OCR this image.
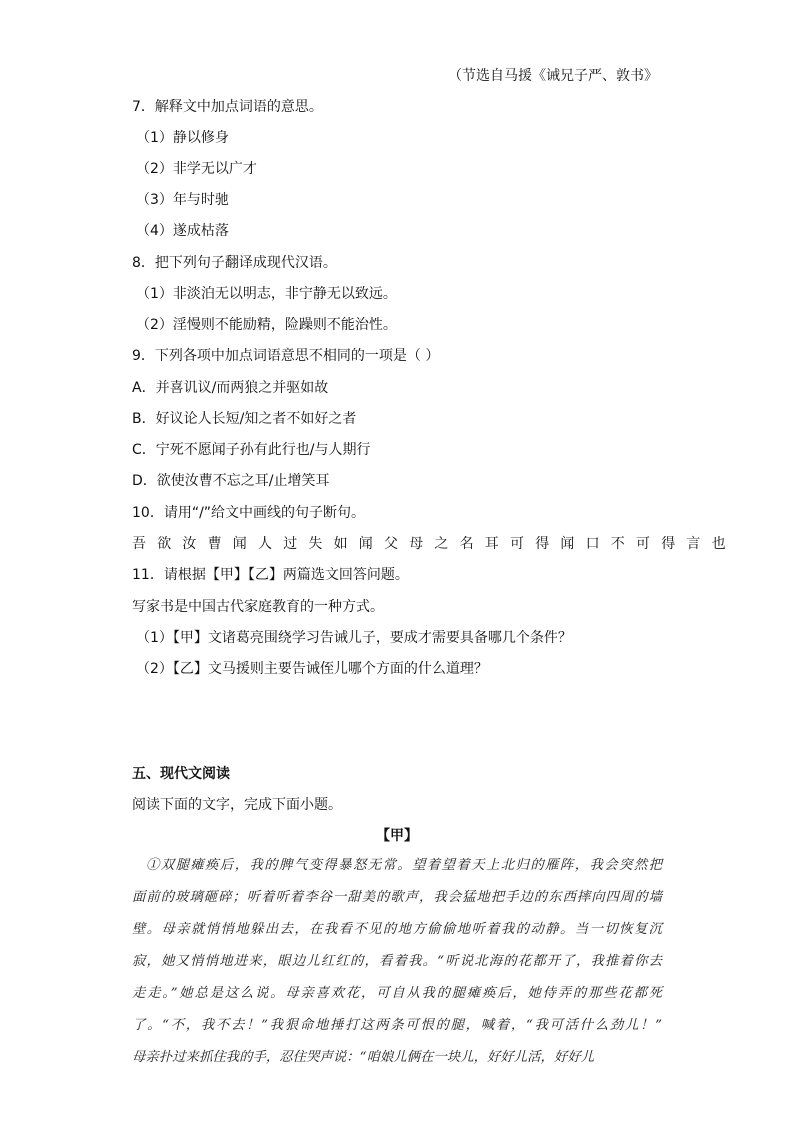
（节选自马援《诫兄子严、敦书》
7．解释文中加点词语的意思。
（1）静以修身
（2）非学无以广才
（3）年与时驰
（4）遂成枯落
8．把下列句子翻译成现代汉语。
（1）非淡泊无以明志，非宁静无以致远。
（2）淫慢则不能励精，险躁则不能治性。
9．下列各项中加点词语意思不相同的一项是（ ）
A．并喜讥议/而两狼之并驱如故
B．好议论人长短/知之者不如好之者
C．宁死不愿闻子孙有此行也/与人期行
D．欲使汝曹不忘之耳/止增笑耳
10．请用“/”给文中画线的句子断句。
吾欲汝曹闻人过失如闻父母之名耳可得闻口不可得言也
11．请根据【甲】【乙】两篇选文回答问题。
写家书是中国古代家庭教育的一种方式。
（1）【甲】文诸葛亮围绕学习告诫儿子，要成才需要具备哪几个条件？
（2）【乙】文马援则主要告诫侄儿哪个方面的什么道理？
五、现代文阅读
阅读下面的文字，完成下面小题。
【甲】
①双腿瘫痪后，我的脾气变得暴怒无常。望着望着天上北归的雁阵，我会突然把
面前的玻璃砸碎；听着听着李谷一甜美的歌声，我会猛地把手边的东西摔向四周的墙
壁。母亲就悄悄地躲出去，在我看不见的地方偷偷地听着我的动静。当一切恢复沉
寂，她又悄悄地进来，眼边儿红红的，看着我。“听说北海的花都开了，我推着你去
走走。”她总是这么说。母亲喜欢花，可自从我的腿瘫痪后，她侍弄的那些花都死
了。“不，我不去！”我狠命地捶打这两条可恨的腿，喊着，“我可活什么劲儿！”
母亲扑过来抓住我的手，忍住哭声说：“咱娘儿俩在一块儿，好好儿活，好好儿
